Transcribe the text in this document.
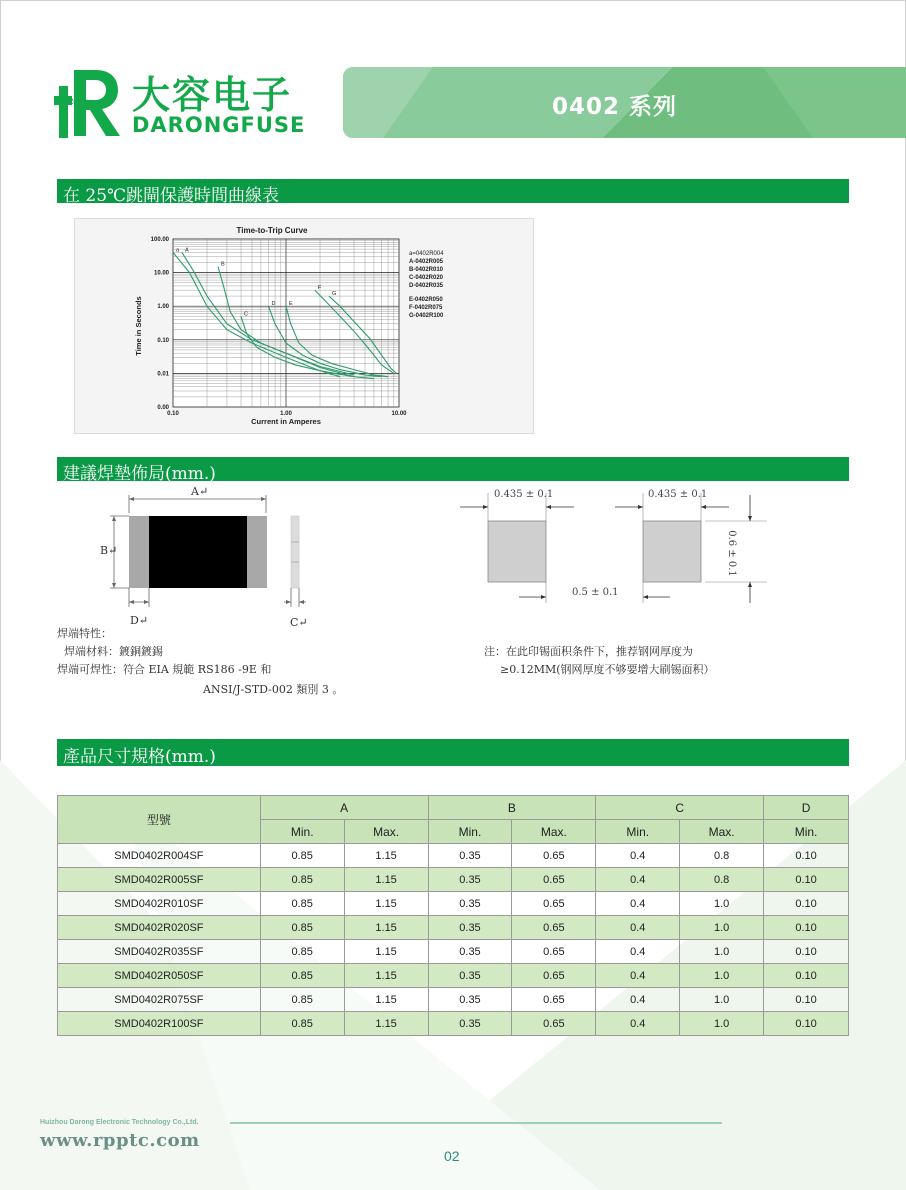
Da Rong 大容电子
DARONGFUSE
0402 系列
在 25℃跳閘保護時間曲線表
Time-to-Trip Curve
100.00
10.00
1.00
0.10
0.01
0.00
0.10	1.00	10.00
a A
B
C
D E
F
G
a=0402R004
A-0402R005
B-0402R010
C-0402R020
D-0402R035
E-0402R050
F-0402R075
G-0402R100
Current in Amperes
Time in Seconds
建議焊墊佈局(mm.)
A↵
B↵
D↵	C↵
0.435 ± 0.1	0.435 ± 0.1
0.5 ± 0.1
0.6 ± 0.1
焊端特性：
焊端材料：鍍銅鍍錫
焊端可焊性：符合 EIA 規範 RS186 -9E 和
ANSI/J-STD-002 類別 3 。
注：在此印锡面积条件下，推荐钢网厚度为
≥0.12MM(钢网厚度不够要增大刷锡面积）
產品尺寸規格(mm.)
型號	A		B		C		D
	Min.	Max.	Min.	Max.	Min.	Max.	Min.
SMD0402R004SF	0.85	1.15	0.35	0.65	0.4	0.8	0.10
SMD0402R005SF	0.85	1.15	0.35	0.65	0.4	0.8	0.10
SMD0402R010SF	0.85	1.15	0.35	0.65	0.4	1.0	0.10
SMD0402R020SF	0.85	1.15	0.35	0.65	0.4	1.0	0.10
SMD0402R035SF	0.85	1.15	0.35	0.65	0.4	1.0	0.10
SMD0402R050SF	0.85	1.15	0.35	0.65	0.4	1.0	0.10
SMD0402R075SF	0.85	1.15	0.35	0.65	0.4	1.0	0.10
SMD0402R100SF	0.85	1.15	0.35	0.65	0.4	1.0	0.10
Huizhou Darong Electronic Technology Co.,Ltd.
www.rpptc.com
02
